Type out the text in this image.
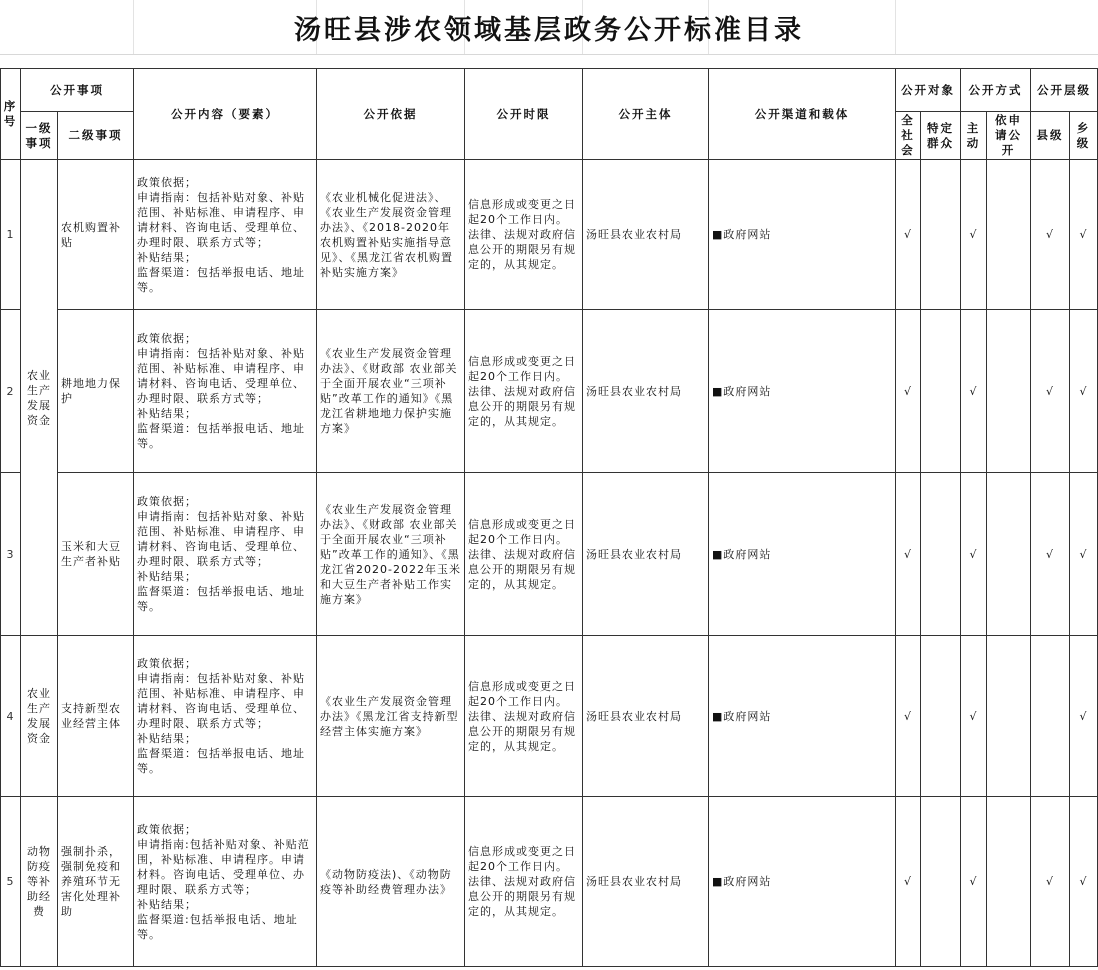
汤旺县涉农领域基层政务公开标准目录
序号	公开事项		公开内容（要素）	公开依据	公开时限	公开主体	公开渠道和载体	公开对象		公开方式		公开层级	
	一级事项	二级事项						全社会	特定群众	主动	依申请公开	县级	乡级
1	农业生产发展资金	农机购置补贴	政策依据；
申请指南：包括补贴对象、补贴范围、补贴标准、申请程序、申请材料、咨询电话、受理单位、办理时限、联系方式等；
补贴结果；
监督渠道：包括举报电话、地址等。	《农业机械化促进法》、《农业生产发展资金管理办法》、《2018-2020年农机购置补贴实施指导意见》、《黑龙江省农机购置补贴实施方案》	信息形成或变更之日起20个工作日内。法律、法规对政府信息公开的期限另有规定的，从其规定。	汤旺县农业农村局	■政府网站	√		√		√	√
2		耕地地力保护	政策依据；
申请指南：包括补贴对象、补贴范围、补贴标准、申请程序、申请材料、咨询电话、受理单位、办理时限、联系方式等；
补贴结果；
监督渠道：包括举报电话、地址等。	《农业生产发展资金管理办法》、《财政部 农业部关于全面开展农业“三项补贴”改革工作的通知》《黑龙江省耕地地力保护实施方案》	信息形成或变更之日起20个工作日内。法律、法规对政府信息公开的期限另有规定的，从其规定。	汤旺县农业农村局	■政府网站	√		√		√	√
3		玉米和大豆生产者补贴	政策依据；
申请指南：包括补贴对象、补贴范围、补贴标准、申请程序、申请材料、咨询电话、受理单位、办理时限、联系方式等；
补贴结果；
监督渠道：包括举报电话、地址等。	《农业生产发展资金管理办法》、《财政部 农业部关于全面开展农业“三项补贴”改革工作的通知》、《黑龙江省2020-2022年玉米和大豆生产者补贴工作实施方案》	信息形成或变更之日起20个工作日内。法律、法规对政府信息公开的期限另有规定的，从其规定。	汤旺县农业农村局	■政府网站	√		√		√	√
4	农业生产发展资金	支持新型农业经营主体	政策依据；
申请指南：包括补贴对象、补贴范围、补贴标准、申请程序、申请材料、咨询电话、受理单位、办理时限、联系方式等；
补贴结果；
监督渠道：包括举报电话、地址等。	《农业生产发展资金管理办法》《黑龙江省支持新型经营主体实施方案》	信息形成或变更之日起20个工作日内。法律、法规对政府信息公开的期限另有规定的，从其规定。	汤旺县农业农村局	■政府网站	√		√			√
5	动物防疫等补助经费	强制扑杀，强制免疫和养殖环节无害化处理补助	政策依据；
申请指南:包括补贴对象、补贴范围，补贴标准、申请程序。申请材料。咨询电话、受理单位、办理时限、联系方式等；
补贴结果；
监督渠道:包括举报电话、地址等。	《动物防疫法)、《动物防疫等补助经费管理办法》	信息形成或变更之日起20个工作日内。法律、法规对政府信息公开的期限另有规定的，从其规定。	汤旺县农业农村局	■政府网站	√		√		√	√
